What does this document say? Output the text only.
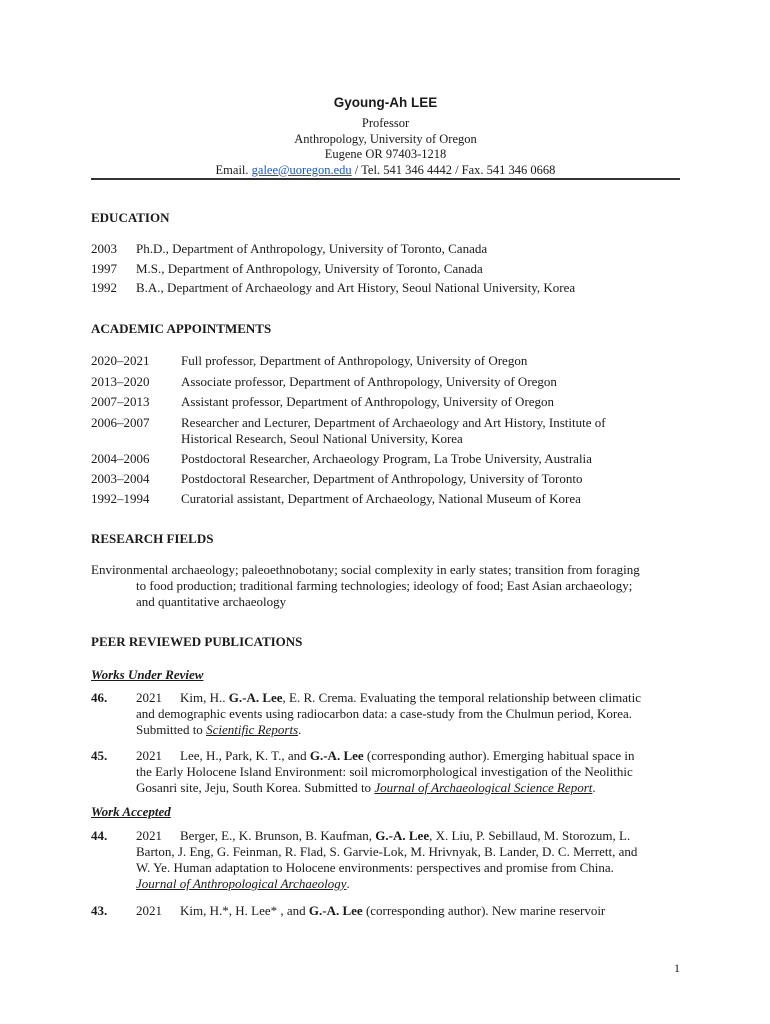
Gyoung-Ah LEE
Professor
Anthropology, University of Oregon
Eugene OR 97403-1218
Email. galee@uoregon.edu / Tel. 541 346 4442 / Fax. 541 346 0668
EDUCATION
2003 Ph.D., Department of Anthropology, University of Toronto, Canada
1997 M.S., Department of Anthropology, University of Toronto, Canada
1992 B.A., Department of Archaeology and Art History, Seoul National University, Korea
ACADEMIC APPOINTMENTS
2020–2021 Full professor, Department of Anthropology, University of Oregon
2013–2020 Associate professor, Department of Anthropology, University of Oregon
2007–2013 Assistant professor, Department of Anthropology, University of Oregon
2006–2007 Researcher and Lecturer, Department of Archaeology and Art History, Institute of
Historical Research, Seoul National University, Korea
2004–2006 Postdoctoral Researcher, Archaeology Program, La Trobe University, Australia
2003–2004 Postdoctoral Researcher, Department of Anthropology, University of Toronto
1992–1994 Curatorial assistant, Department of Archaeology, National Museum of Korea
RESEARCH FIELDS
Environmental archaeology; paleoethnobotany; social complexity in early states; transition from foraging
to food production; traditional farming technologies; ideology of food; East Asian archaeology;
and quantitative archaeology
PEER REVIEWED PUBLICATIONS
Works Under Review
46. 2021 Kim, H.. G.-A. Lee, E. R. Crema. Evaluating the temporal relationship between climatic
and demographic events using radiocarbon data: a case-study from the Chulmun period, Korea.
Submitted to Scientific Reports.
45. 2021 Lee, H., Park, K. T., and G.-A. Lee (corresponding author). Emerging habitual space in
the Early Holocene Island Environment: soil micromorphological investigation of the Neolithic
Gosanri site, Jeju, South Korea. Submitted to Journal of Archaeological Science Report.
Work Accepted
44. 2021 Berger, E., K. Brunson, B. Kaufman, G.-A. Lee, X. Liu, P. Sebillaud, M. Storozum, L.
Barton, J. Eng, G. Feinman, R. Flad, S. Garvie-Lok, M. Hrivnyak, B. Lander, D. C. Merrett, and
W. Ye. Human adaptation to Holocene environments: perspectives and promise from China.
Journal of Anthropological Archaeology.
43. 2021 Kim, H.*, H. Lee* , and G.-A. Lee (corresponding author). New marine reservoir
1
